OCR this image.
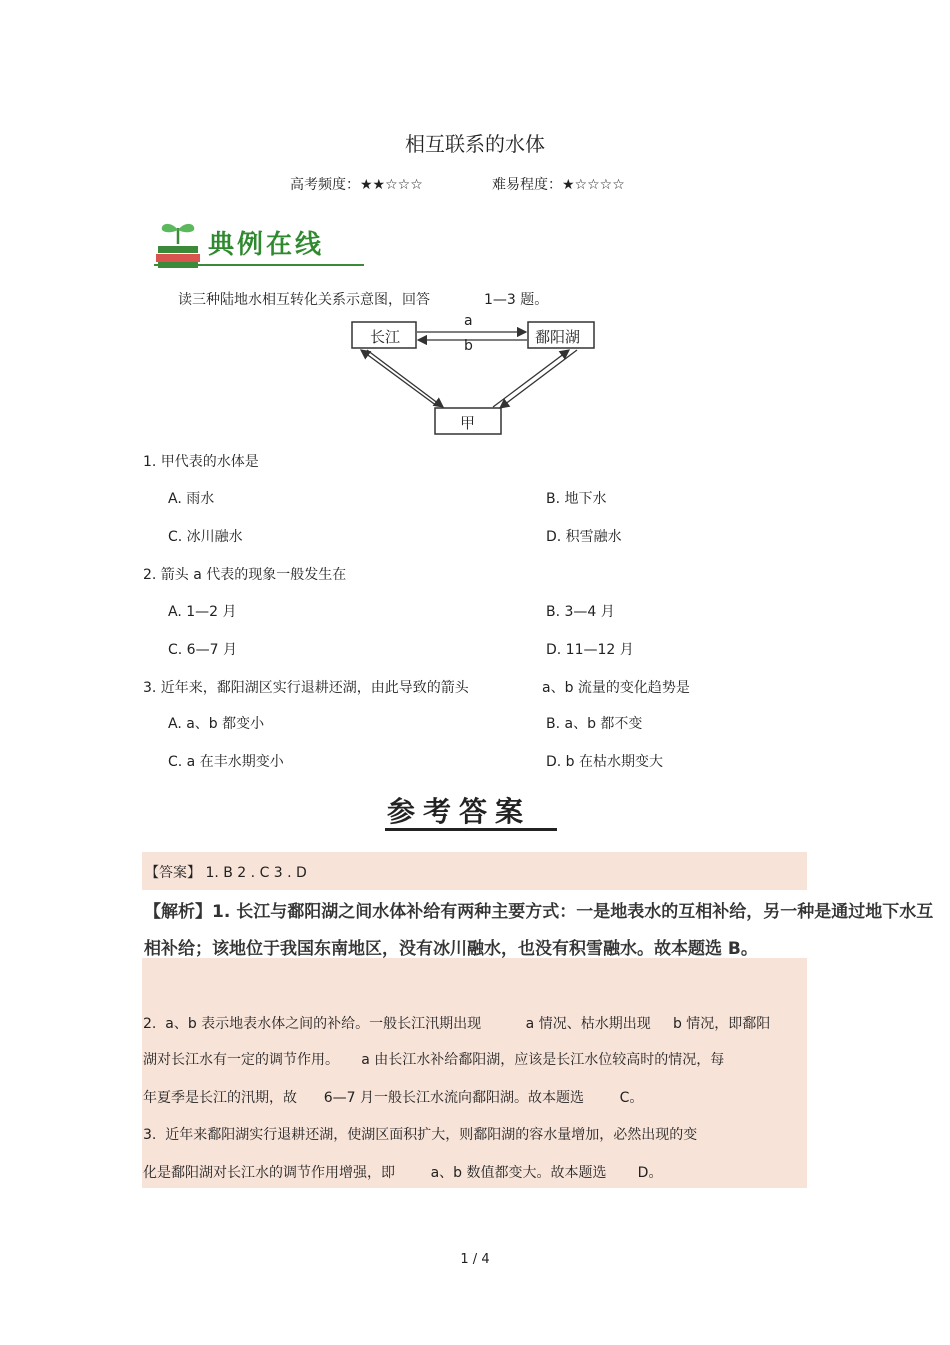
相互联系的水体
高考频度：★★☆☆☆	难易程度：★☆☆☆☆
典例在线
读三种陆地水相互转化关系示意图，回答	1—3 题。
长江	鄱阳湖
甲
a
b
1. 甲代表的水体是
A. 雨水	B. 地下水
C. 冰川融水	D. 积雪融水
2. 箭头 a 代表的现象一般发生在
A. 1—2 月	B. 3—4 月
C. 6—7 月	D. 11—12 月
3. 近年来，鄱阳湖区实行退耕还湖，由此导致的箭头	a、b 流量的变化趋势是
A. a、b 都变小	B. a、b 都不变
C. a 在丰水期变小	D. b 在枯水期变大
参考答案
【答案】 1. B 2 . C 3 . D
【解析】1. 长江与鄱阳湖之间水体补给有两种主要方式：一是地表水的互相补给，另一种是通过地下水互
相补给；该地位于我国东南地区，没有冰川融水，也没有积雪融水。故本题选 B。
2.  a、b 表示地表水体之间的补给。一般长江汛期出现          a 情况、枯水期出现     b 情况，即鄱阳
湖对长江水有一定的调节作用。     a 由长江水补给鄱阳湖，应该是长江水位较高时的情况，每
年夏季是长江的汛期，故      6—7 月一般长江水流向鄱阳湖。故本题选        C。
3.  近年来鄱阳湖实行退耕还湖，使湖区面积扩大，则鄱阳湖的容水量增加，必然出现的变
化是鄱阳湖对长江水的调节作用增强，即        a、b 数值都变大。故本题选       D。
1 / 4
